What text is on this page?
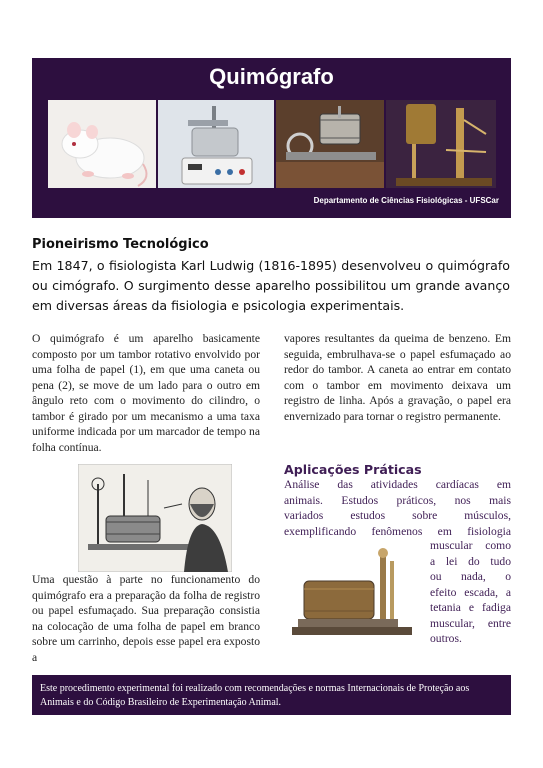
Quimógrafo
Departamento de Ciências Fisiológicas - UFSCar
Pioneirismo Tecnológico
Em 1847, o fisiologista Karl Ludwig (1816-1895) desenvolveu o quimógrafo ou cimógrafo. O surgimento desse aparelho possibilitou um grande avanço em diversas áreas da fisiologia e psicologia experimentais.
O quimógrafo é um aparelho basicamente composto por um tambor rotativo envolvido por uma folha de papel (1), em que uma caneta ou pena (2), se move de um lado para o outro em ângulo reto com o movimento do cilindro, o tambor é girado por um mecanismo a uma taxa uniforme indicada por um marcador de tempo na folha contínua.
Uma questão à parte no funcionamento do quimógrafo era a preparação da folha de registro ou papel esfumaçado. Sua preparação consistia na colocação de uma folha de papel em branco sobre um carrinho, depois esse papel era exposto a
vapores resultantes da queima de benzeno. Em seguida, embrulhava-se o papel esfumaçado ao redor do tambor. A caneta ao entrar em contato com o tambor em movimento deixava um registro de linha. Após a gravação, o papel era envernizado para tornar o registro permanente.
Aplicações Práticas
Análise das atividades cardíacas em
animais. Estudos práticos, nos mais
variados estudos sobre músculos,
exemplificando fenômenos em fisiologia
muscular como
a lei do tudo
ou nada, o
efeito escada, a
tetania e fadiga
muscular, entre
outros.
Este procedimento experimental foi realizado com recomendações e normas Internacionais de Proteção aos Animais e do Código Brasileiro de Experimentação Animal.
